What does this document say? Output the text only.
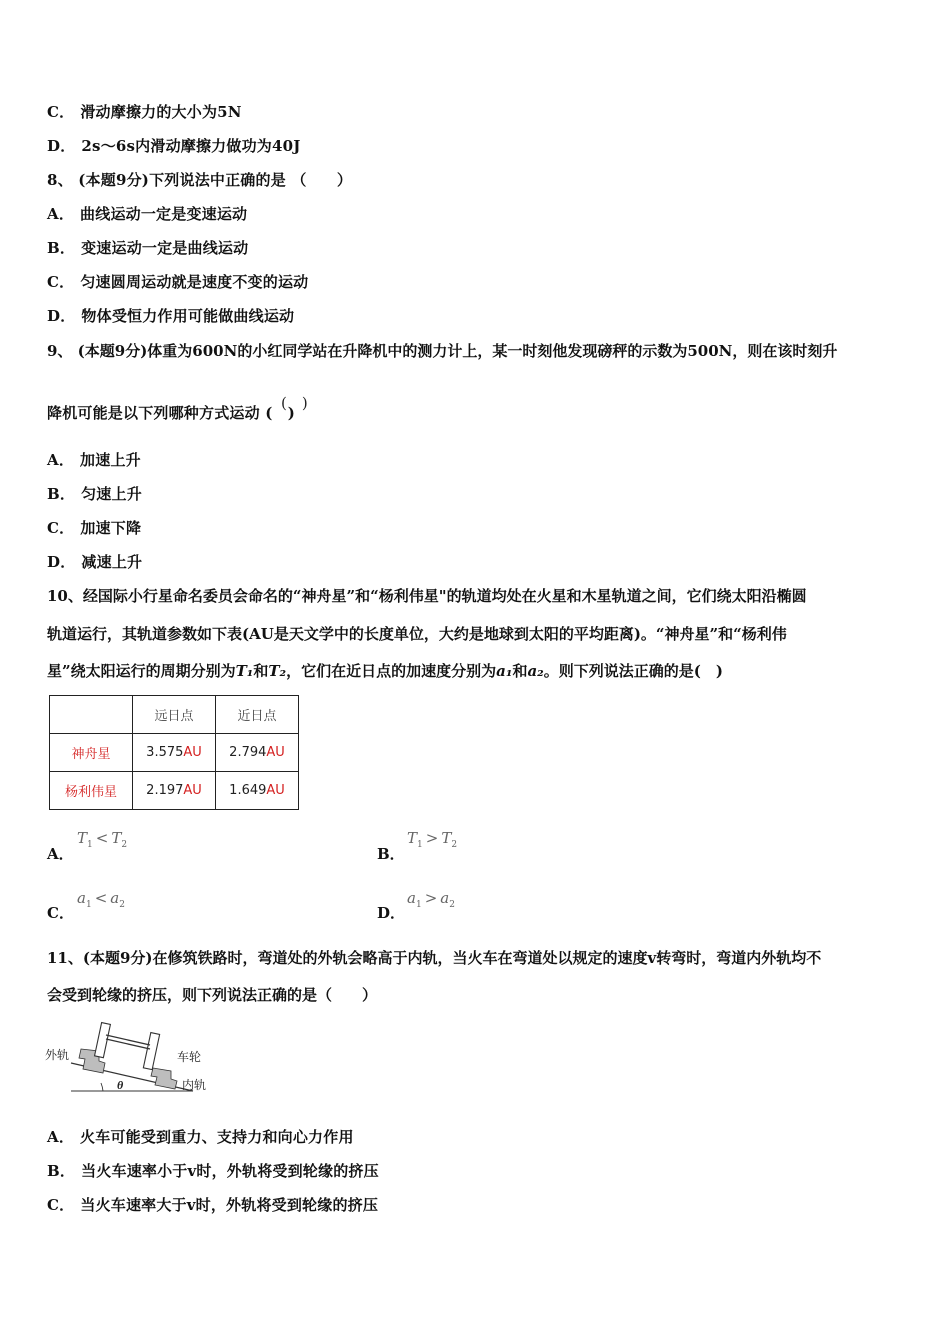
C． 滑动摩擦力的大小为5N

D． 2s～6s内滑动摩擦力做功为40J

8、 (本题9分)下列说法中正确的是 （　　）

A． 曲线运动一定是变速运动

B． 变速运动一定是曲线运动

C． 匀速圆周运动就是速度不变的运动

D． 物体受恒力作用可能做曲线运动

9、 (本题9分)体重为600N的小红同学站在升降机中的测力计上，某一时刻他发现磅秤的示数为500N，则在该时刻升

(　)

降机可能是以下列哪种方式运动 (　)

A． 加速上升

B． 匀速上升

C． 加速下降

D． 减速上升

10、经国际小行星命名委员会命名的“神舟星”和“杨利伟星"的轨道均处在火星和木星轨道之间，它们绕太阳沿椭圆

轨道运行，其轨道参数如下表(AU是天文学中的长度单位，大约是地球到太阳的平均距离)。“神舟星”和“杨利伟

星”绕太阳运行的周期分别为T₁和T₂，它们在近日点的加速度分别为a₁和a₂。则下列说法正确的是(　)

	远日点	近日点
神舟星	3.575AU	2.794AU
杨利伟星	2.197AU	1.649AU
A．
$T_1 < T_2$	B．
$T_1 > T_2$
C．
$a_1 < a_2$	D．
$a_1 > a_2$

11、(本题9分)在修筑铁路时，弯道处的外轨会略高于内轨，当火车在弯道处以规定的速度v转弯时，弯道内外轨均不

会受到轮缘的挤压，则下列说法正确的是（　　）

外轨	车轮
θ	内轨

A． 火车可能受到重力、支持力和向心力作用

B． 当火车速率小于v时，外轨将受到轮缘的挤压

C． 当火车速率大于v时，外轨将受到轮缘的挤压
